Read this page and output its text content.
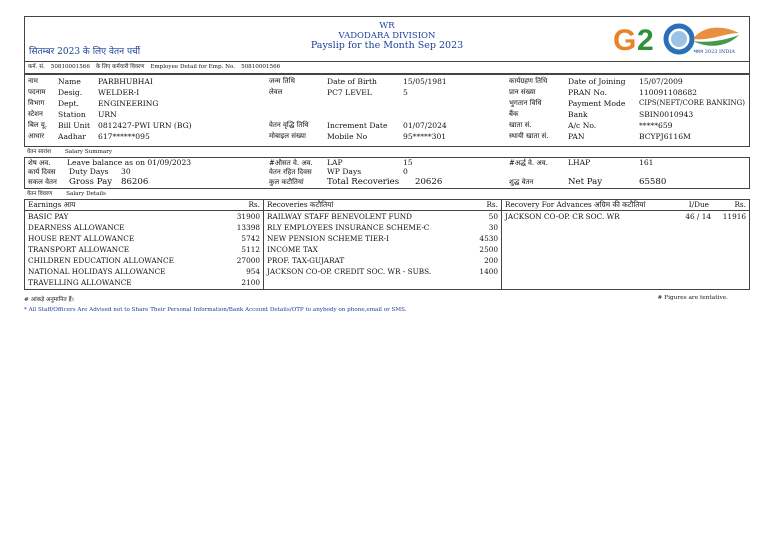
सितम्बर 2023 के लिए वेतन पर्ची
WR
VADODARA DIVISION
Payslip for the Month Sep 2023	G 2	भारत 2023 INDIA
कर्म. सं. 50810001566 के लिए कर्मचारी विवरण Employee Detail for Emp. No. 50810001566
नाम	Name	PARBHUBHAI	जन्म तिथि	Date of Birth	15/05/1981	कार्यग्रहण तिथि	Date of Joining	15/07/2009
पदनाम	Desig.	WELDER-I	लेवल	PC7 LEVEL	5	प्रान संख्या	PRAN No.	110091108682
विभाग	Dept.	ENGINEERING	भुगतान विधि	Payment Mode	CIPS(NEFT/CORE BANKING)
स्टेशन	Station	URN	बैंक	Bank	SBIN0010943
बिल यू.	Bill Unit	0812427-PWI URN (BG)	वेतन वृद्धि तिथि	Increment Date	01/07/2024	खाता सं.	A/c No.	*****659
आधार	Aadhar	617******095	मोबाइल संख्या	Mobile No	95*****301	स्थायी खाता सं.	PAN	BCYPJ6116M
वेतन सारांश	Salary Summary
शेष अव.	Leave balance as on 01/09/2023	#औसत वे. अव.	LAP	15	#अर्द्ध वे. अव.	LHAP	161
कार्य दिवस	Duty Days	30	वेतन रहित दिवस	WP Days	0
सकल वेतन	Gross Pay	86206	कुल कटौतियां	Total Recoveries	20626	शुद्ध वेतन	Net Pay	65580
वेतन विवरण	Salary Details
Earnings आय	Rs.
BASIC PAY	31900
DEARNESS ALLOWANCE	13398
HOUSE RENT ALLOWANCE	5742
TRANSPORT ALLOWANCE	5112
CHILDREN EDUCATION ALLOWANCE	27000
NATIONAL HOLIDAYS ALLOWANCE	954
TRAVELLING ALLOWANCE	2100
Recoveries कटौतियां	Rs.
RAILWAY STAFF BENEVOLENT FUND	50
RLY EMPLOYEES INSURANCE SCHEME-C	30
NEW PENSION SCHEME TIER-I	4530
INCOME TAX	2500
PROF. TAX-GUJARAT	200
JACKSON CO-OP. CREDIT SOC. WR - SUBS.	1400
Recovery For Advances अग्रिम की कटौतियां	I/Due	Rs.
JACKSON CO-OP. CR SOC. WR	46 / 14 11916
# आंकड़े अनुमानित हैं।	# Figures are tentative.
* All Staff/Officers Are Advised not to Share Their Personal Information/Bank Account Details/OTP to anybody on phone,email or SMS.
